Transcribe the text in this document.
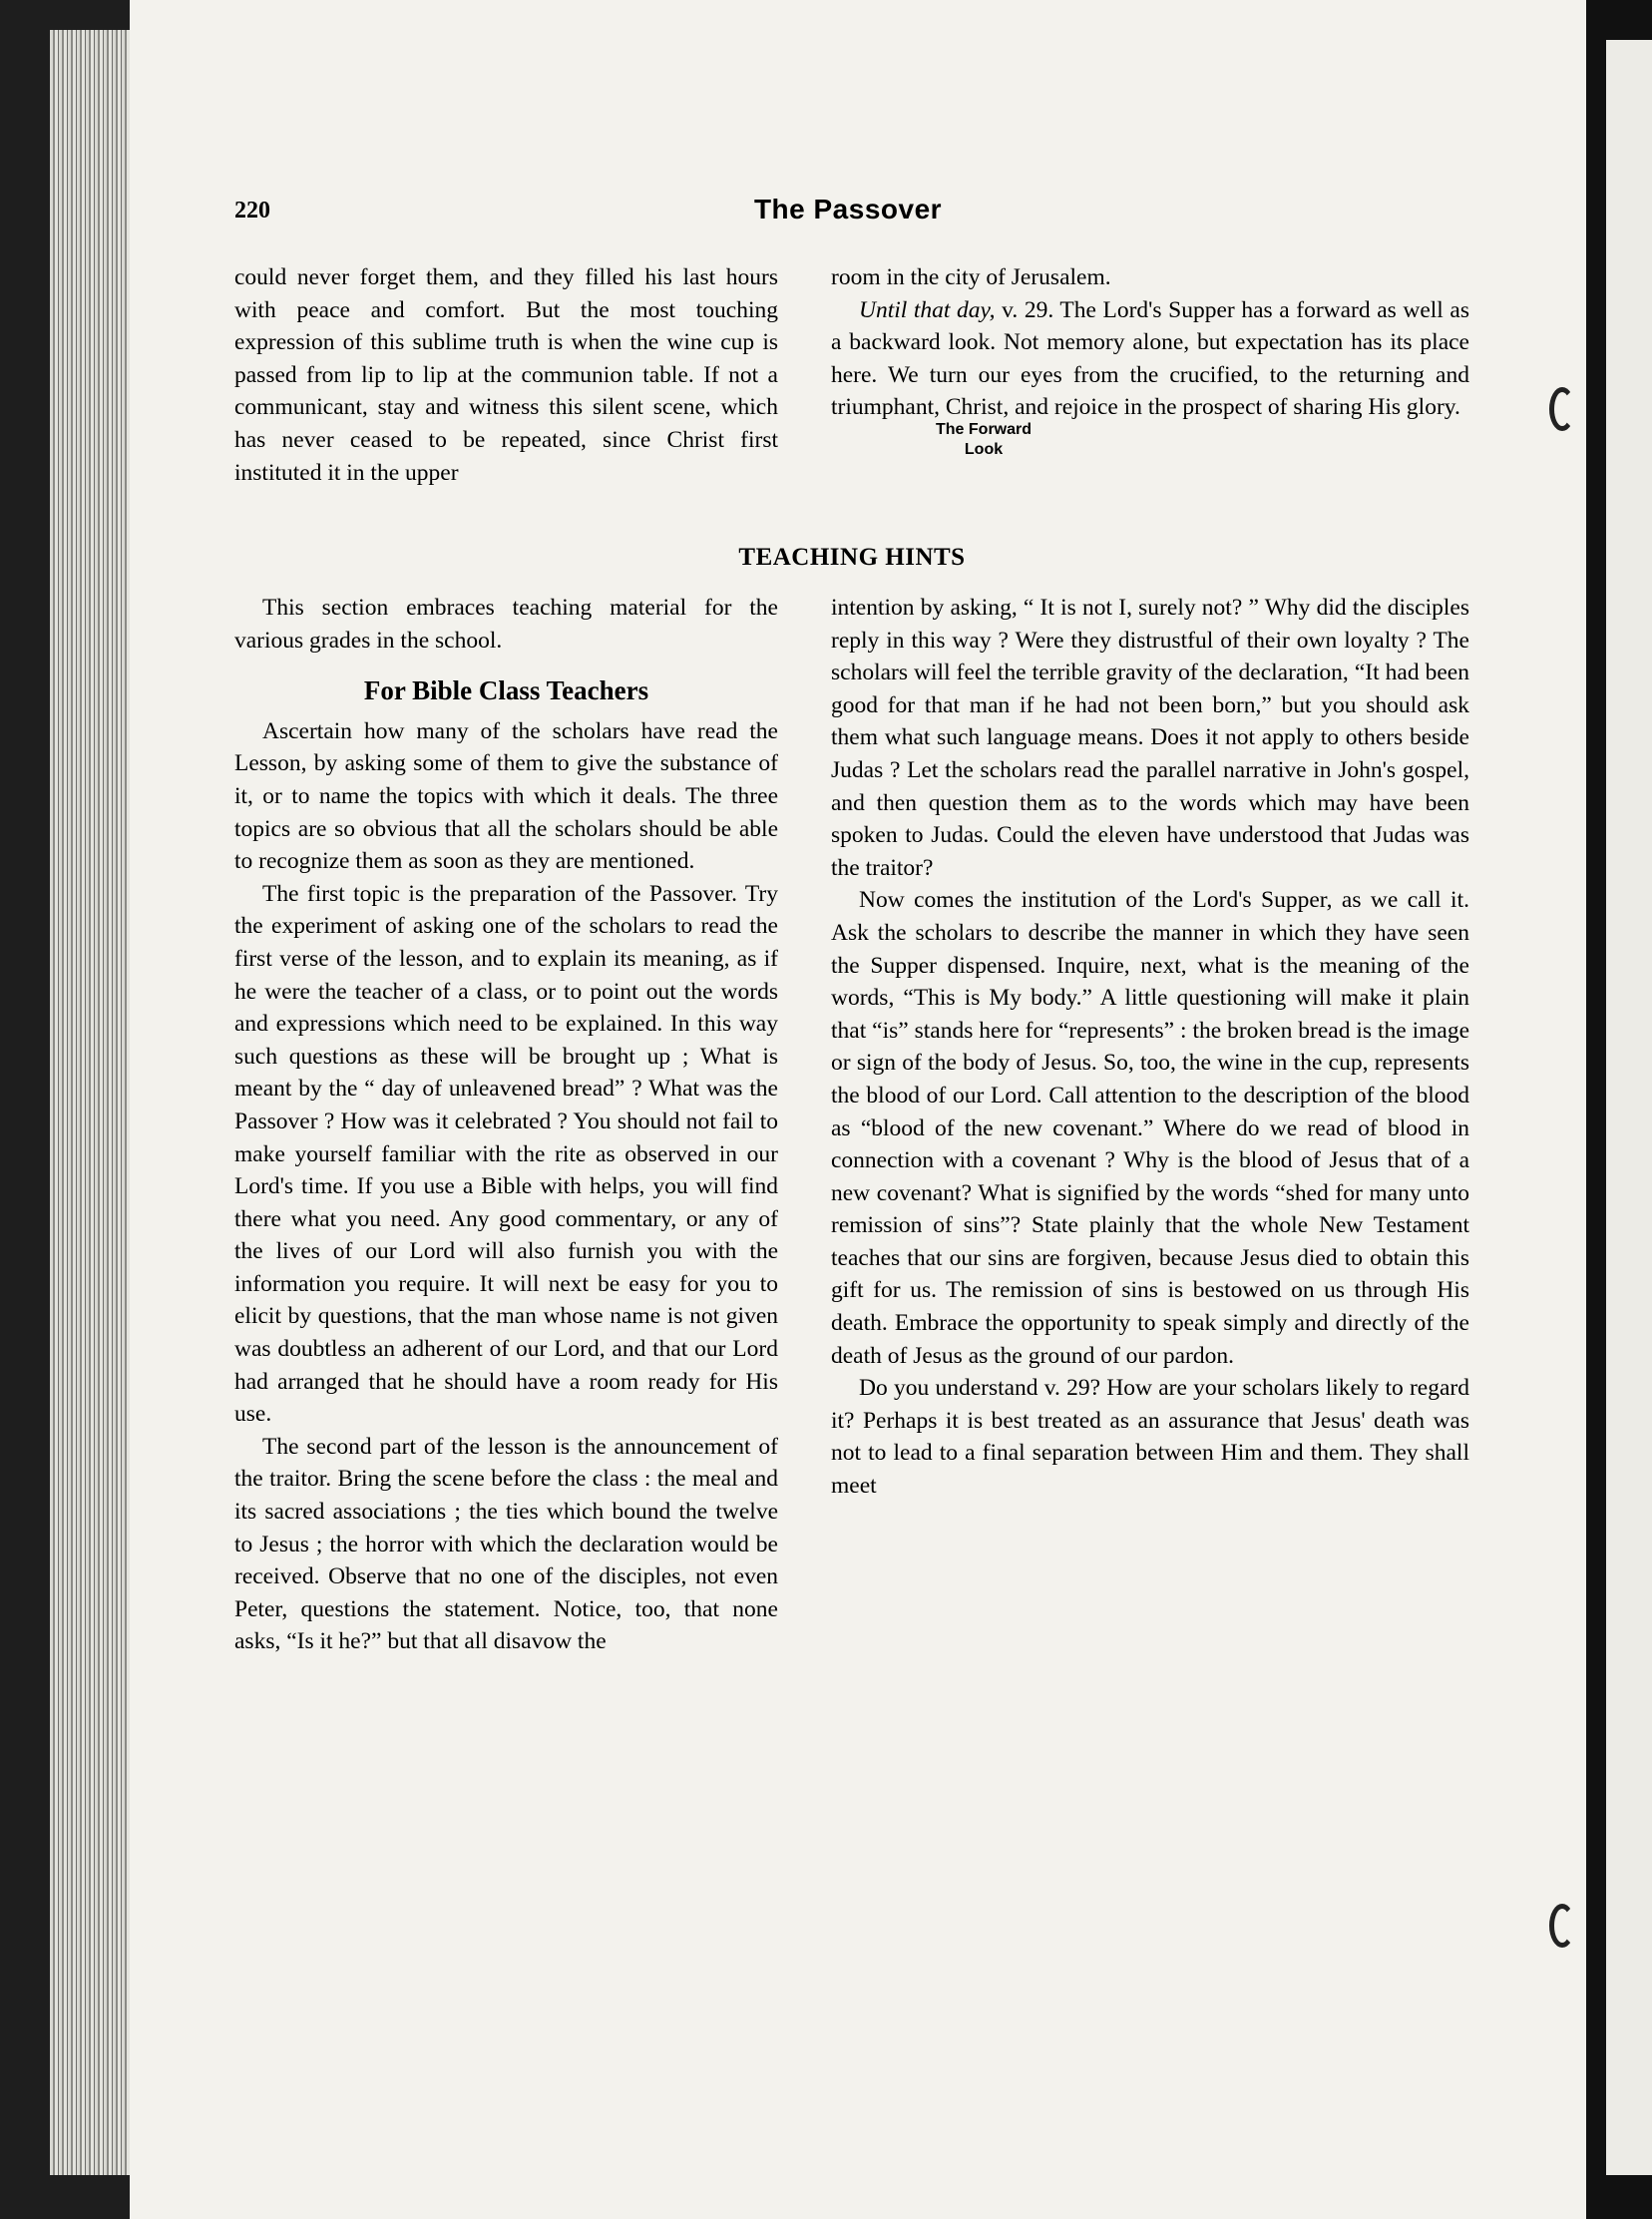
220	The Passover

could never forget them, and they filled his last hours with peace and comfort. But the most touching expression of this sublime truth is when the wine cup is passed from lip to lip at the communion table. If not a communicant, stay and witness this silent scene, which has never ceased to be repeated, since Christ first instituted it in the upper

room in the city of Jerusalem.

Until that day, v. 29. The Lord's Supper has a forward as well as a backward look. Not memory alone, but expectation has its place here. We turn our eyes from the crucified, to the returning and triumphant, Christ, and rejoice in the prospect of sharing His glory.

The Forward Look
TEACHING HINTS

This section embraces teaching material for the various grades in the school.

For Bible Class Teachers

Ascertain how many of the scholars have read the Lesson, by asking some of them to give the substance of it, or to name the topics with which it deals. The three topics are so obvious that all the scholars should be able to recognize them as soon as they are mentioned.

The first topic is the preparation of the Passover. Try the experiment of asking one of the scholars to read the first verse of the lesson, and to explain its meaning, as if he were the teacher of a class, or to point out the words and expressions which need to be explained. In this way such questions as these will be brought up ; What is meant by the “ day of unleavened bread” ? What was the Passover ? How was it celebrated ? You should not fail to make yourself familiar with the rite as observed in our Lord's time. If you use a Bible with helps, you will find there what you need. Any good commentary, or any of the lives of our Lord will also furnish you with the information you require. It will next be easy for you to elicit by questions, that the man whose name is not given was doubtless an adherent of our Lord, and that our Lord had arranged that he should have a room ready for His use.

The second part of the lesson is the announcement of the traitor. Bring the scene before the class : the meal and its sacred associations ; the ties which bound the twelve to Jesus ; the horror with which the declaration would be received. Observe that no one of the disciples, not even Peter, questions the statement. Notice, too, that none asks, “Is it he?” but that all disavow the

intention by asking, “ It is not I, surely not? ” Why did the disciples reply in this way ? Were they distrustful of their own loyalty ? The scholars will feel the terrible gravity of the declaration, “It had been good for that man if he had not been born,” but you should ask them what such language means. Does it not apply to others beside Judas ? Let the scholars read the parallel narrative in John's gospel, and then question them as to the words which may have been spoken to Judas. Could the eleven have understood that Judas was the traitor?

Now comes the institution of the Lord's Supper, as we call it. Ask the scholars to describe the manner in which they have seen the Supper dispensed. Inquire, next, what is the meaning of the words, “This is My body.” A little questioning will make it plain that “is” stands here for “represents” : the broken bread is the image or sign of the body of Jesus. So, too, the wine in the cup, represents the blood of our Lord. Call attention to the description of the blood as “blood of the new covenant.” Where do we read of blood in connection with a covenant ? Why is the blood of Jesus that of a new covenant? What is signified by the words “shed for many unto remission of sins”? State plainly that the whole New Testament teaches that our sins are forgiven, because Jesus died to obtain this gift for us. The remission of sins is bestowed on us through His death. Embrace the opportunity to speak simply and directly of the death of Jesus as the ground of our pardon.

Do you understand v. 29? How are your scholars likely to regard it? Perhaps it is best treated as an assurance that Jesus' death was not to lead to a final separation between Him and them. They shall meet
